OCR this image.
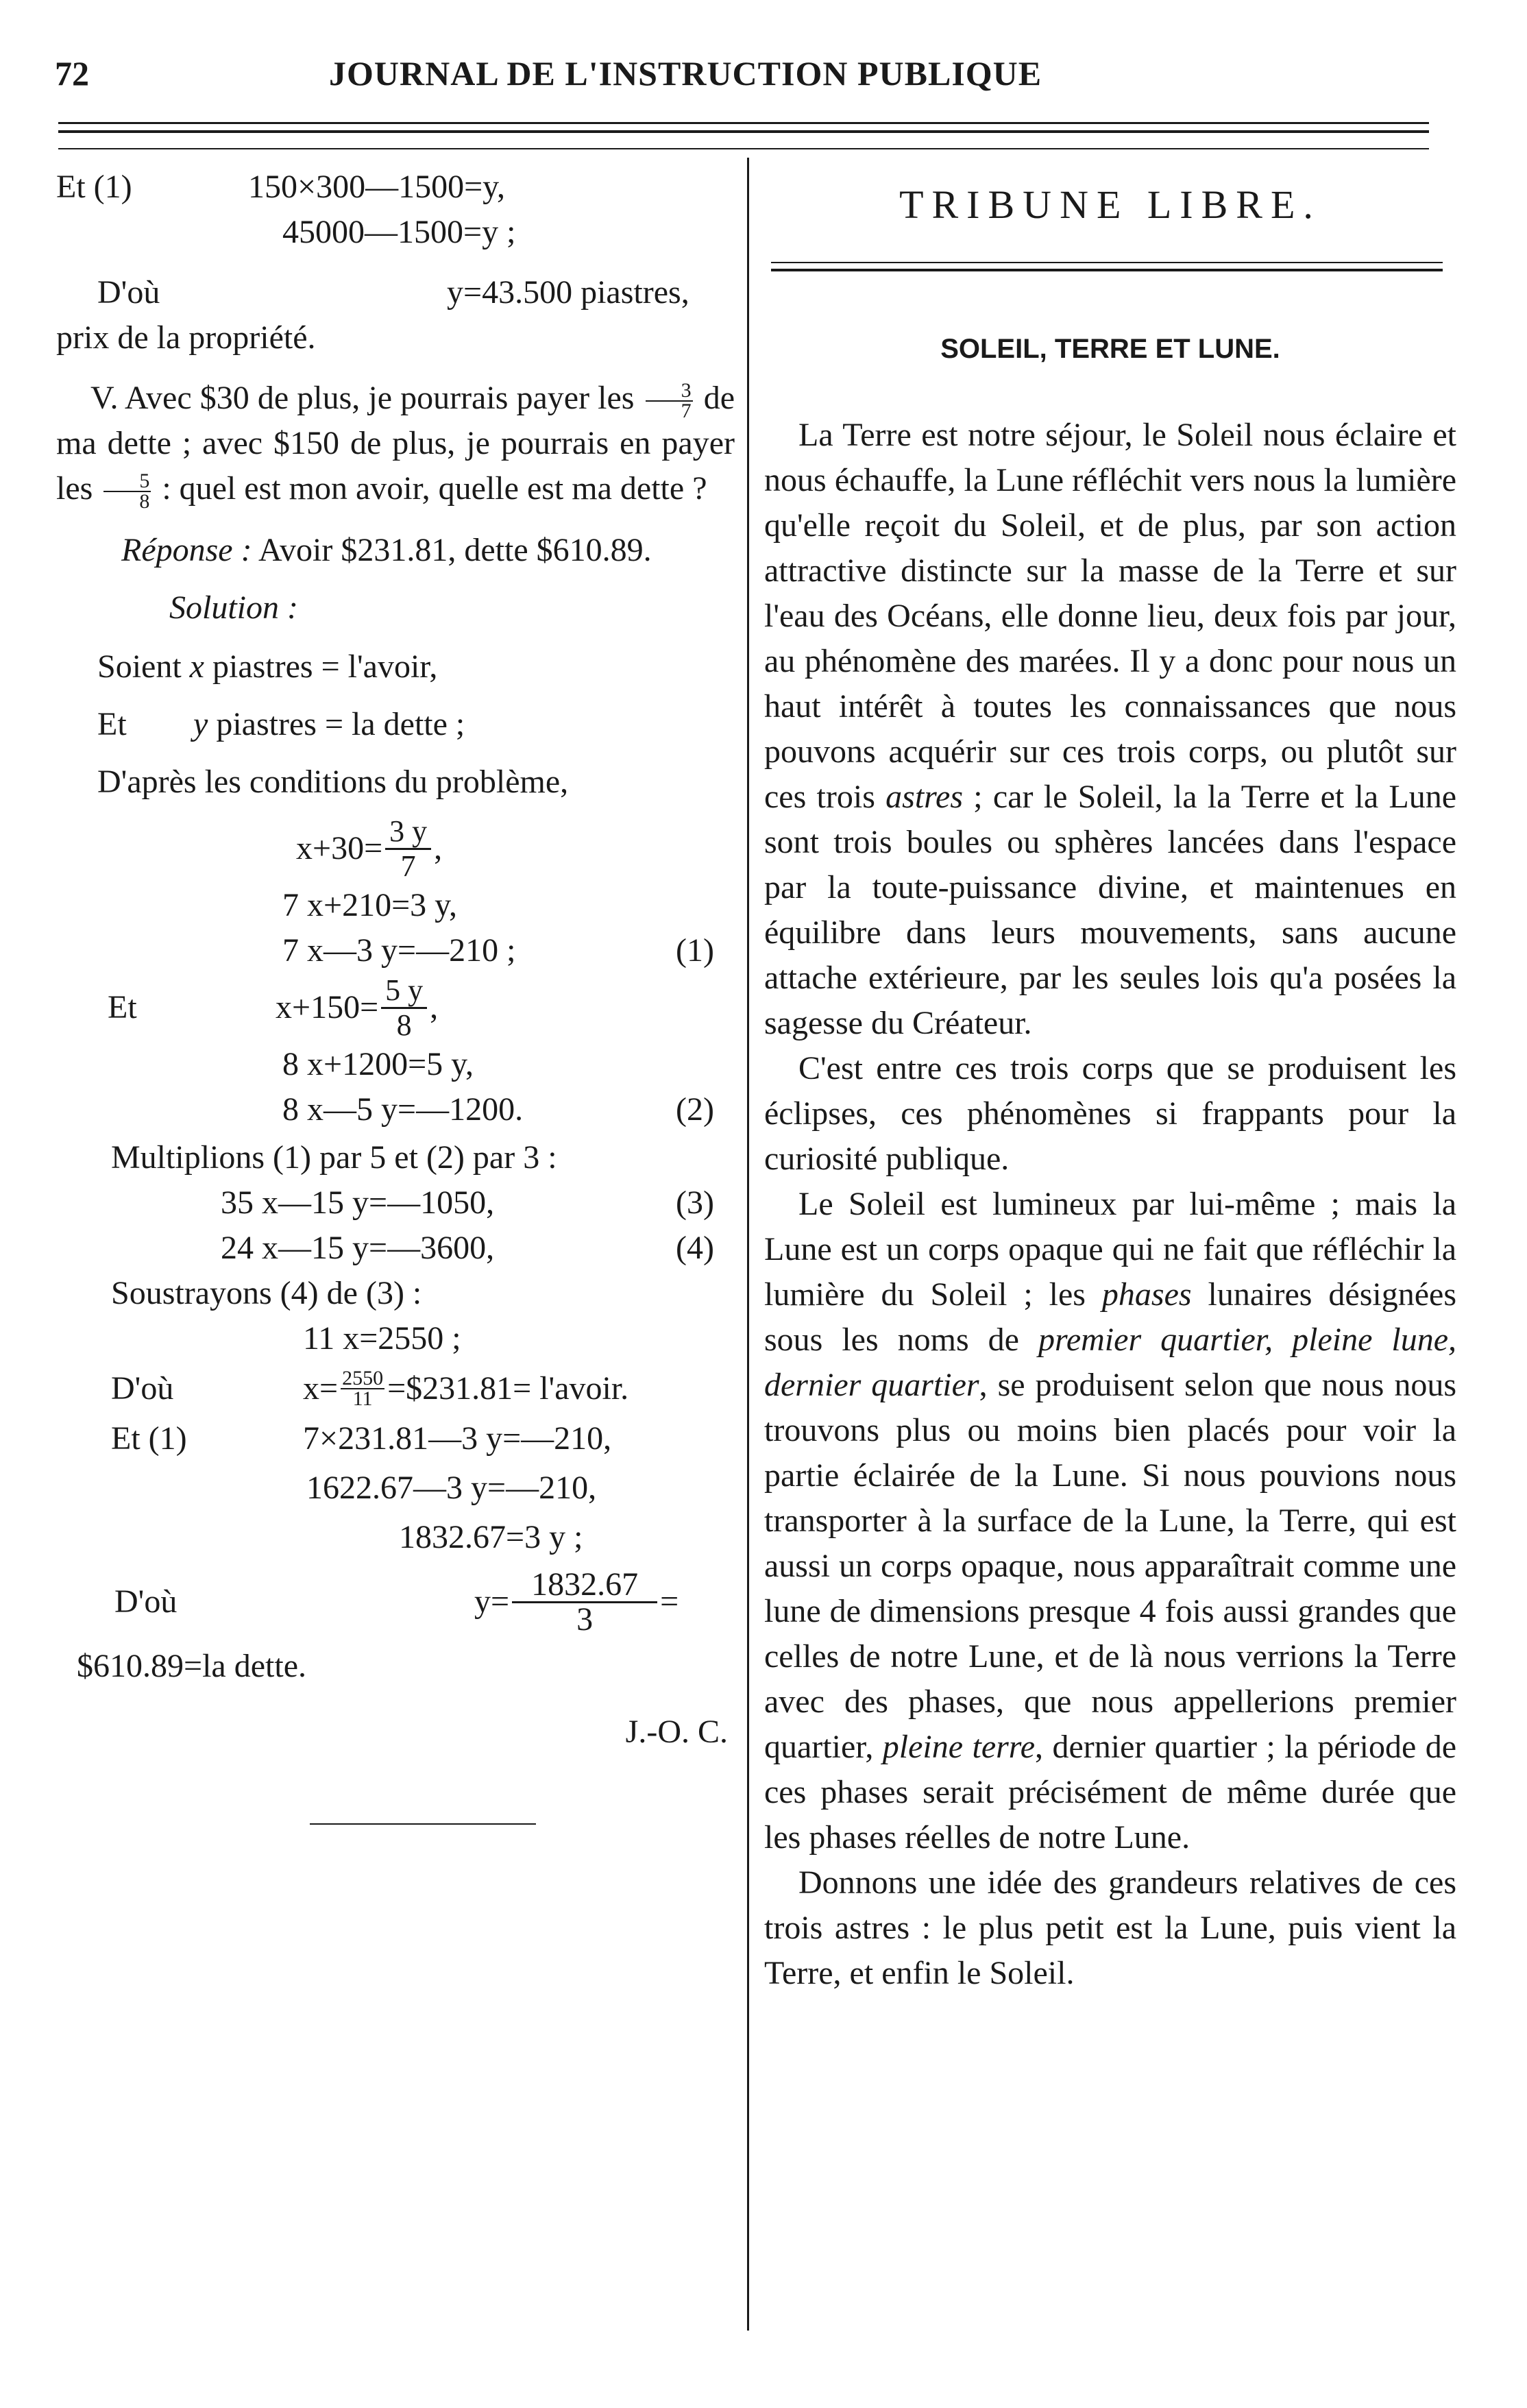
72	JOURNAL DE L'INSTRUCTION PUBLIQUE
Et (1)	150×300—1500=y,
45000—1500=y ;
D'où	y=43.500 piastres,

prix de la propriété.

V. Avec $30 de plus, je pourrais payer les $\frac{3}{7}$ de ma dette ; avec $150 de plus, je pourrais en payer les $\frac{5}{8}$ : quel est mon avoir, quelle est ma dette ?

Réponse : Avoir $231.81, dette $610.89.

Solution :

Soient x piastres = l'avoir,

Et y piastres = la dette ;

D'après les conditions du problème,

$x+30= \frac{3 y}{7}$ ,
7 x+210=3 y,
7 x—3 y=—210 ;	(1)
Et	$x+150= \frac{5 y}{8}$ ,
8 x+1200=5 y,
8 x—5 y=—1200.	(2)

Multiplions (1) par 5 et (2) par 3 :

35 x—15 y=—1050,	(3)
24 x—15 y=—3600,	(4)

Soustrayons (4) de (3) :

11 x=2550 ;
D'où	$x= \frac{2550}{11}$ =$231.81= l'avoir.
Et (1)	7×231.81—3 y=—210,
1622.67—3 y=—210,
1832.67=3 y ;
D'où	$y= \frac{1832.67}{3}$ =

$610.89=la dette.

J.-O. C.

TRIBUNE LIBRE.
SOLEIL, TERRE ET LUNE.

La Terre est notre séjour, le Soleil nous éclaire et nous échauffe, la Lune réfléchit vers nous la lumière qu'elle reçoit du Soleil, et de plus, par son action attractive distincte sur la masse de la Terre et sur l'eau des Océans, elle donne lieu, deux fois par jour, au phénomène des marées. Il y a donc pour nous un haut intérêt à toutes les connaissances que nous pouvons acquérir sur ces trois corps, ou plutôt sur ces trois astres ; car le Soleil, la la Terre et la Lune sont trois boules ou sphères lancées dans l'espace par la toute-puissance divine, et maintenues en équilibre dans leurs mouvements, sans aucune attache extérieure, par les seules lois qu'a posées la sagesse du Créateur.

C'est entre ces trois corps que se produisent les éclipses, ces phénomènes si frappants pour la curiosité publique.

Le Soleil est lumineux par lui-même ; mais la Lune est un corps opaque qui ne fait que réfléchir la lumière du Soleil ; les phases lunaires désignées sous les noms de premier quartier, pleine lune, dernier quartier, se produisent selon que nous nous trouvons plus ou moins bien placés pour voir la partie éclairée de la Lune. Si nous pouvions nous transporter à la surface de la Lune, la Terre, qui est aussi un corps opaque, nous apparaîtrait comme une lune de dimensions presque 4 fois aussi grandes que celles de notre Lune, et de là nous verrions la Terre avec des phases, que nous appellerions premier quartier, pleine terre, dernier quartier ; la période de ces phases serait précisément de même durée que les phases réelles de notre Lune.

Donnons une idée des grandeurs relatives de ces trois astres : le plus petit est la Lune, puis vient la Terre, et enfin le Soleil.
